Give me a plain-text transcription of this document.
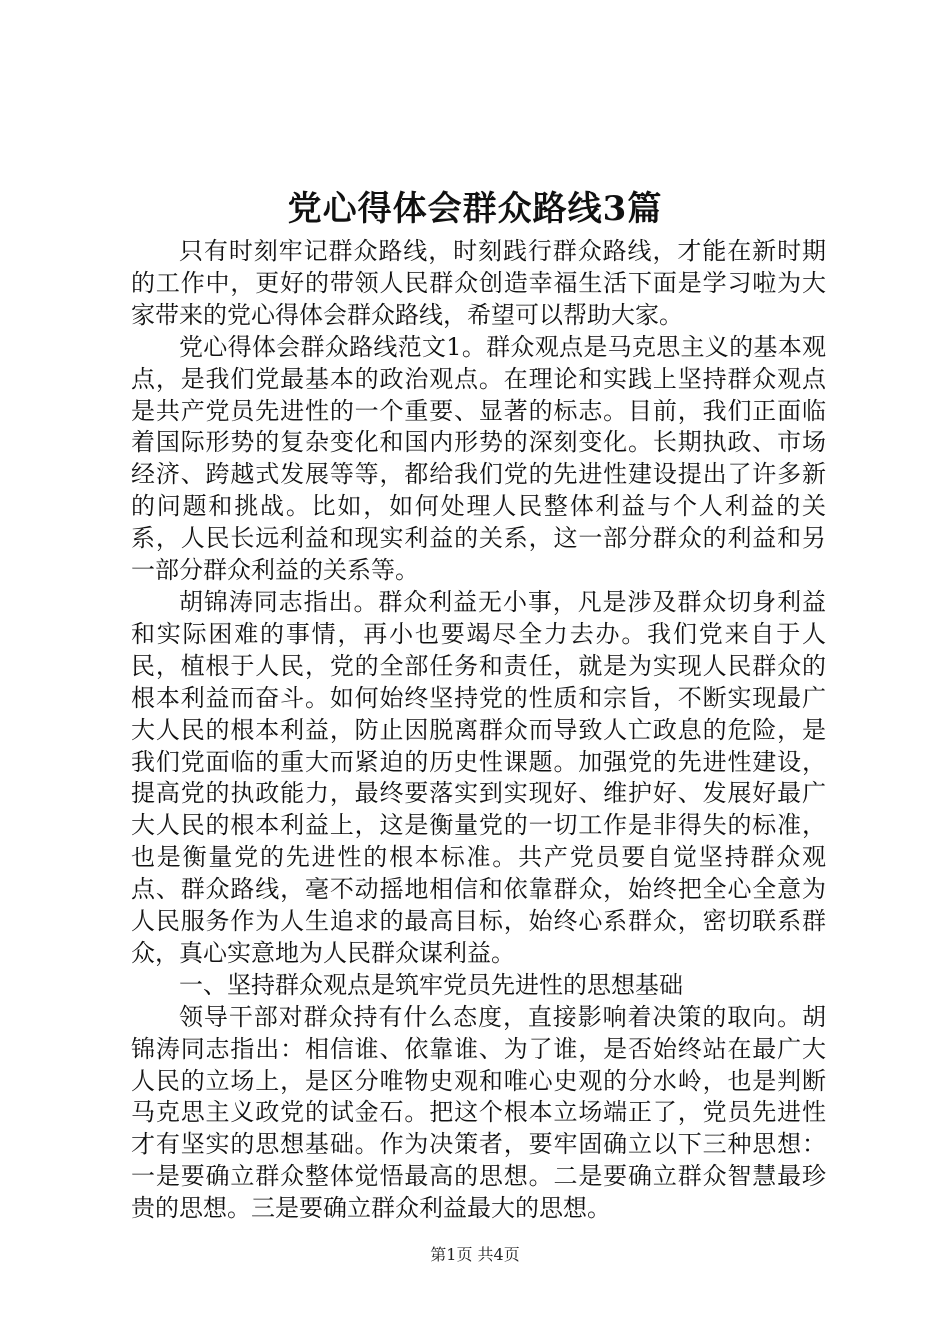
党心得体会群众路线3篇

只有时刻牢记群众路线，时刻践行群众路线，才能在新时期的工作中，更好的带领人民群众创造幸福生活下面是学习啦为大家带来的党心得体会群众路线，希望可以帮助大家。

党心得体会群众路线范文1。群众观点是马克思主义的基本观点，是我们党最基本的政治观点。在理论和实践上坚持群众观点是共产党员先进性的一个重要、显著的标志。目前，我们正面临着国际形势的复杂变化和国内形势的深刻变化。长期执政、市场经济、跨越式发展等等，都给我们党的先进性建设提出了许多新的问题和挑战。比如，如何处理人民整体利益与个人利益的关系，人民长远利益和现实利益的关系，这一部分群众的利益和另一部分群众利益的关系等。

胡锦涛同志指出。群众利益无小事，凡是涉及群众切身利益和实际困难的事情，再小也要竭尽全力去办。我们党来自于人民，植根于人民，党的全部任务和责任，就是为实现人民群众的根本利益而奋斗。如何始终坚持党的性质和宗旨，不断实现最广大人民的根本利益，防止因脱离群众而导致人亡政息的危险，是我们党面临的重大而紧迫的历史性课题。加强党的先进性建设，提高党的执政能力，最终要落实到实现好、维护好、发展好最广大人民的根本利益上，这是衡量党的一切工作是非得失的标准，也是衡量党的先进性的根本标准。共产党员要自觉坚持群众观点、群众路线，毫不动摇地相信和依靠群众，始终把全心全意为人民服务作为人生追求的最高目标，始终心系群众，密切联系群众，真心实意地为人民群众谋利益。

一、坚持群众观点是筑牢党员先进性的思想基础

领导干部对群众持有什么态度，直接影响着决策的取向。胡锦涛同志指出：相信谁、依靠谁、为了谁，是否始终站在最广大人民的立场上，是区分唯物史观和唯心史观的分水岭，也是判断马克思主义政党的试金石。把这个根本立场端正了，党员先进性才有坚实的思想基础。作为决策者，要牢固确立以下三种思想：一是要确立群众整体觉悟最高的思想。二是要确立群众智慧最珍贵的思想。三是要确立群众利益最大的思想。

第1页 共4页
